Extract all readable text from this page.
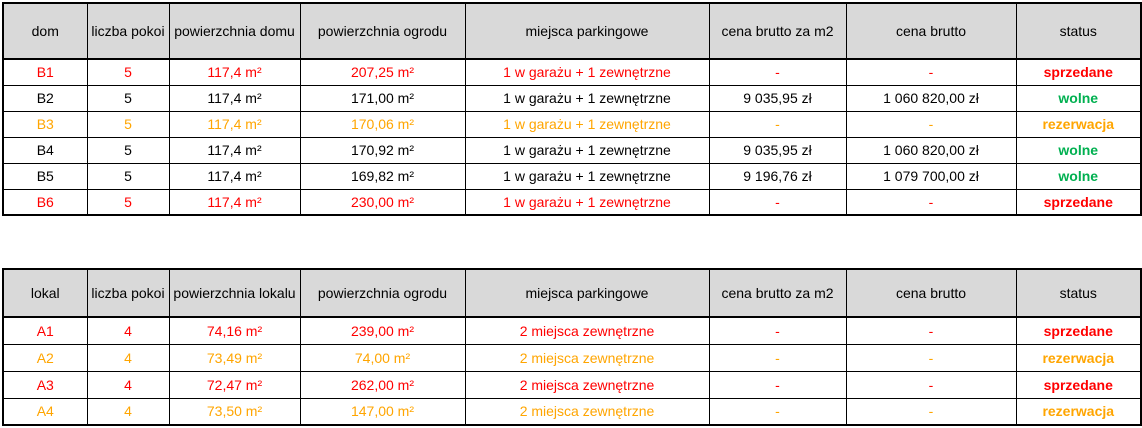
dom	liczba pokoi	powierzchnia domu	powierzchnia ogrodu	miejsca parkingowe	cena brutto za m2	cena brutto	status
B1	5	117,4 m²	207,25 m²	1 w garażu + 1 zewnętrzne	-	-	sprzedane
B2	5	117,4 m²	171,00 m²	1 w garażu + 1 zewnętrzne	9 035,95 zł	1 060 820,00 zł	wolne
B3	5	117,4 m²	170,06 m²	1 w garażu + 1 zewnętrzne	-	-	rezerwacja
B4	5	117,4 m²	170,92 m²	1 w garażu + 1 zewnętrzne	9 035,95 zł	1 060 820,00 zł	wolne
B5	5	117,4 m²	169,82 m²	1 w garażu + 1 zewnętrzne	9 196,76 zł	1 079 700,00 zł	wolne
B6	5	117,4 m²	230,00 m²	1 w garażu + 1 zewnętrzne	-	-	sprzedane
lokal	liczba pokoi	powierzchnia lokalu	powierzchnia ogrodu	miejsca parkingowe	cena brutto za m2	cena brutto	status
A1	4	74,16 m²	239,00 m²	2 miejsca zewnętrzne	-	-	sprzedane
A2	4	73,49 m²	74,00 m²	2 miejsca zewnętrzne	-	-	rezerwacja
A3	4	72,47 m²	262,00 m²	2 miejsca zewnętrzne	-	-	sprzedane
A4	4	73,50 m²	147,00 m²	2 miejsca zewnętrzne	-	-	rezerwacja
